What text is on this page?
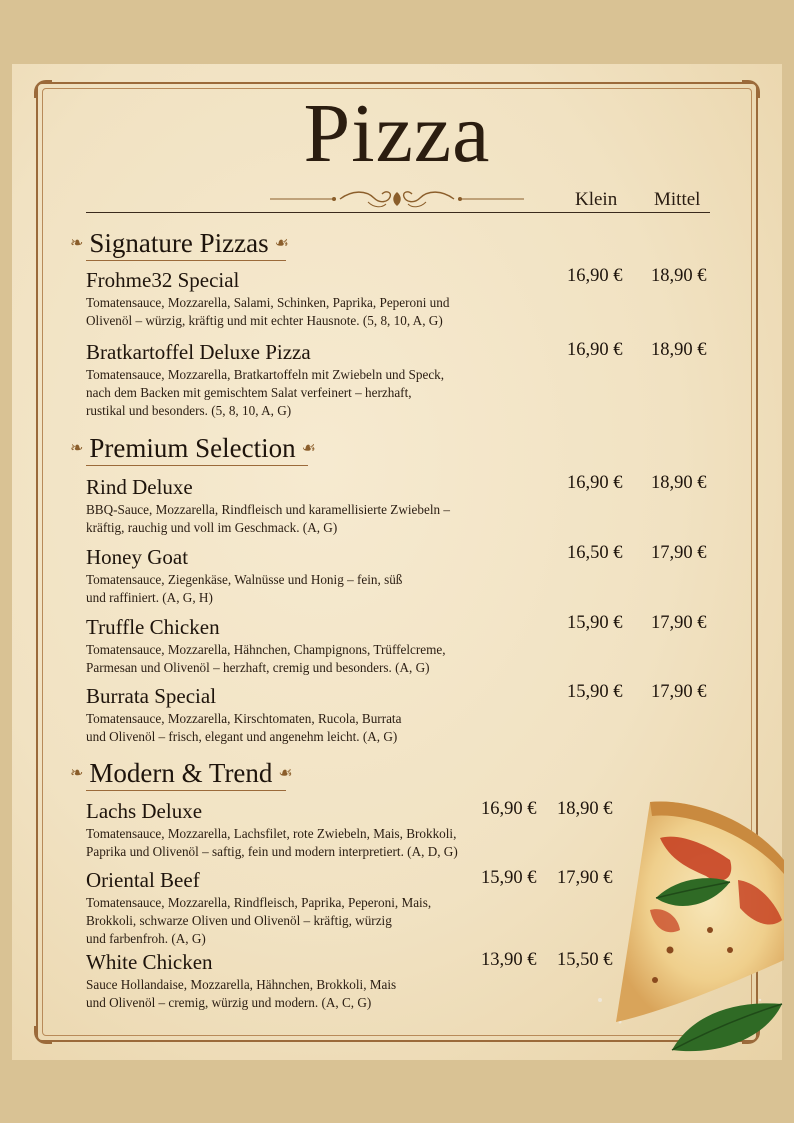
Pizza
Klein Mittel
❧ Signature Pizzas ☙
Frohme32 Special
Tomatensauce, Mozzarella, Salami, Schinken, Paprika, Peperoni und
Olivenöl – würzig, kräftig und mit echter Hausnote. (5, 8, 10, A, G)
16,90 € 18,90 €
Bratkartoffel Deluxe Pizza
Tomatensauce, Mozzarella, Bratkartoffeln mit Zwiebeln und Speck,
nach dem Backen mit gemischtem Salat verfeinert – herzhaft,
rustikal und besonders. (5, 8, 10, A, G)
16,90 € 18,90 €
❧ Premium Selection ☙
Rind Deluxe
BBQ-Sauce, Mozzarella, Rindfleisch und karamellisierte Zwiebeln –
kräftig, rauchig und voll im Geschmack. (A, G)
16,90 € 18,90 €
Honey Goat
Tomatensauce, Ziegenkäse, Walnüsse und Honig – fein, süß
und raffiniert. (A, G, H)
16,50 € 17,90 €
Truffle Chicken
Tomatensauce, Mozzarella, Hähnchen, Champignons, Trüffelcreme,
Parmesan und Olivenöl – herzhaft, cremig und besonders. (A, G)
15,90 € 17,90 €
Burrata Special
Tomatensauce, Mozzarella, Kirschtomaten, Rucola, Burrata
und Olivenöl – frisch, elegant und angenehm leicht. (A, G)
15,90 € 17,90 €
❧ Modern & Trend ☙
Lachs Deluxe
Tomatensauce, Mozzarella, Lachsfilet, rote Zwiebeln, Mais, Brokkoli,
Paprika und Olivenöl – saftig, fein und modern interpretiert. (A, D, G)
16,90 € 18,90 €
Oriental Beef
Tomatensauce, Mozzarella, Rindfleisch, Paprika, Peperoni, Mais,
Brokkoli, schwarze Oliven und Olivenöl – kräftig, würzig
und farbenfroh. (A, G)
15,90 € 17,90 €
White Chicken
Sauce Hollandaise, Mozzarella, Hähnchen, Brokkoli, Mais
und Olivenöl – cremig, würzig und modern. (A, C, G)
13,90 € 15,50 €
